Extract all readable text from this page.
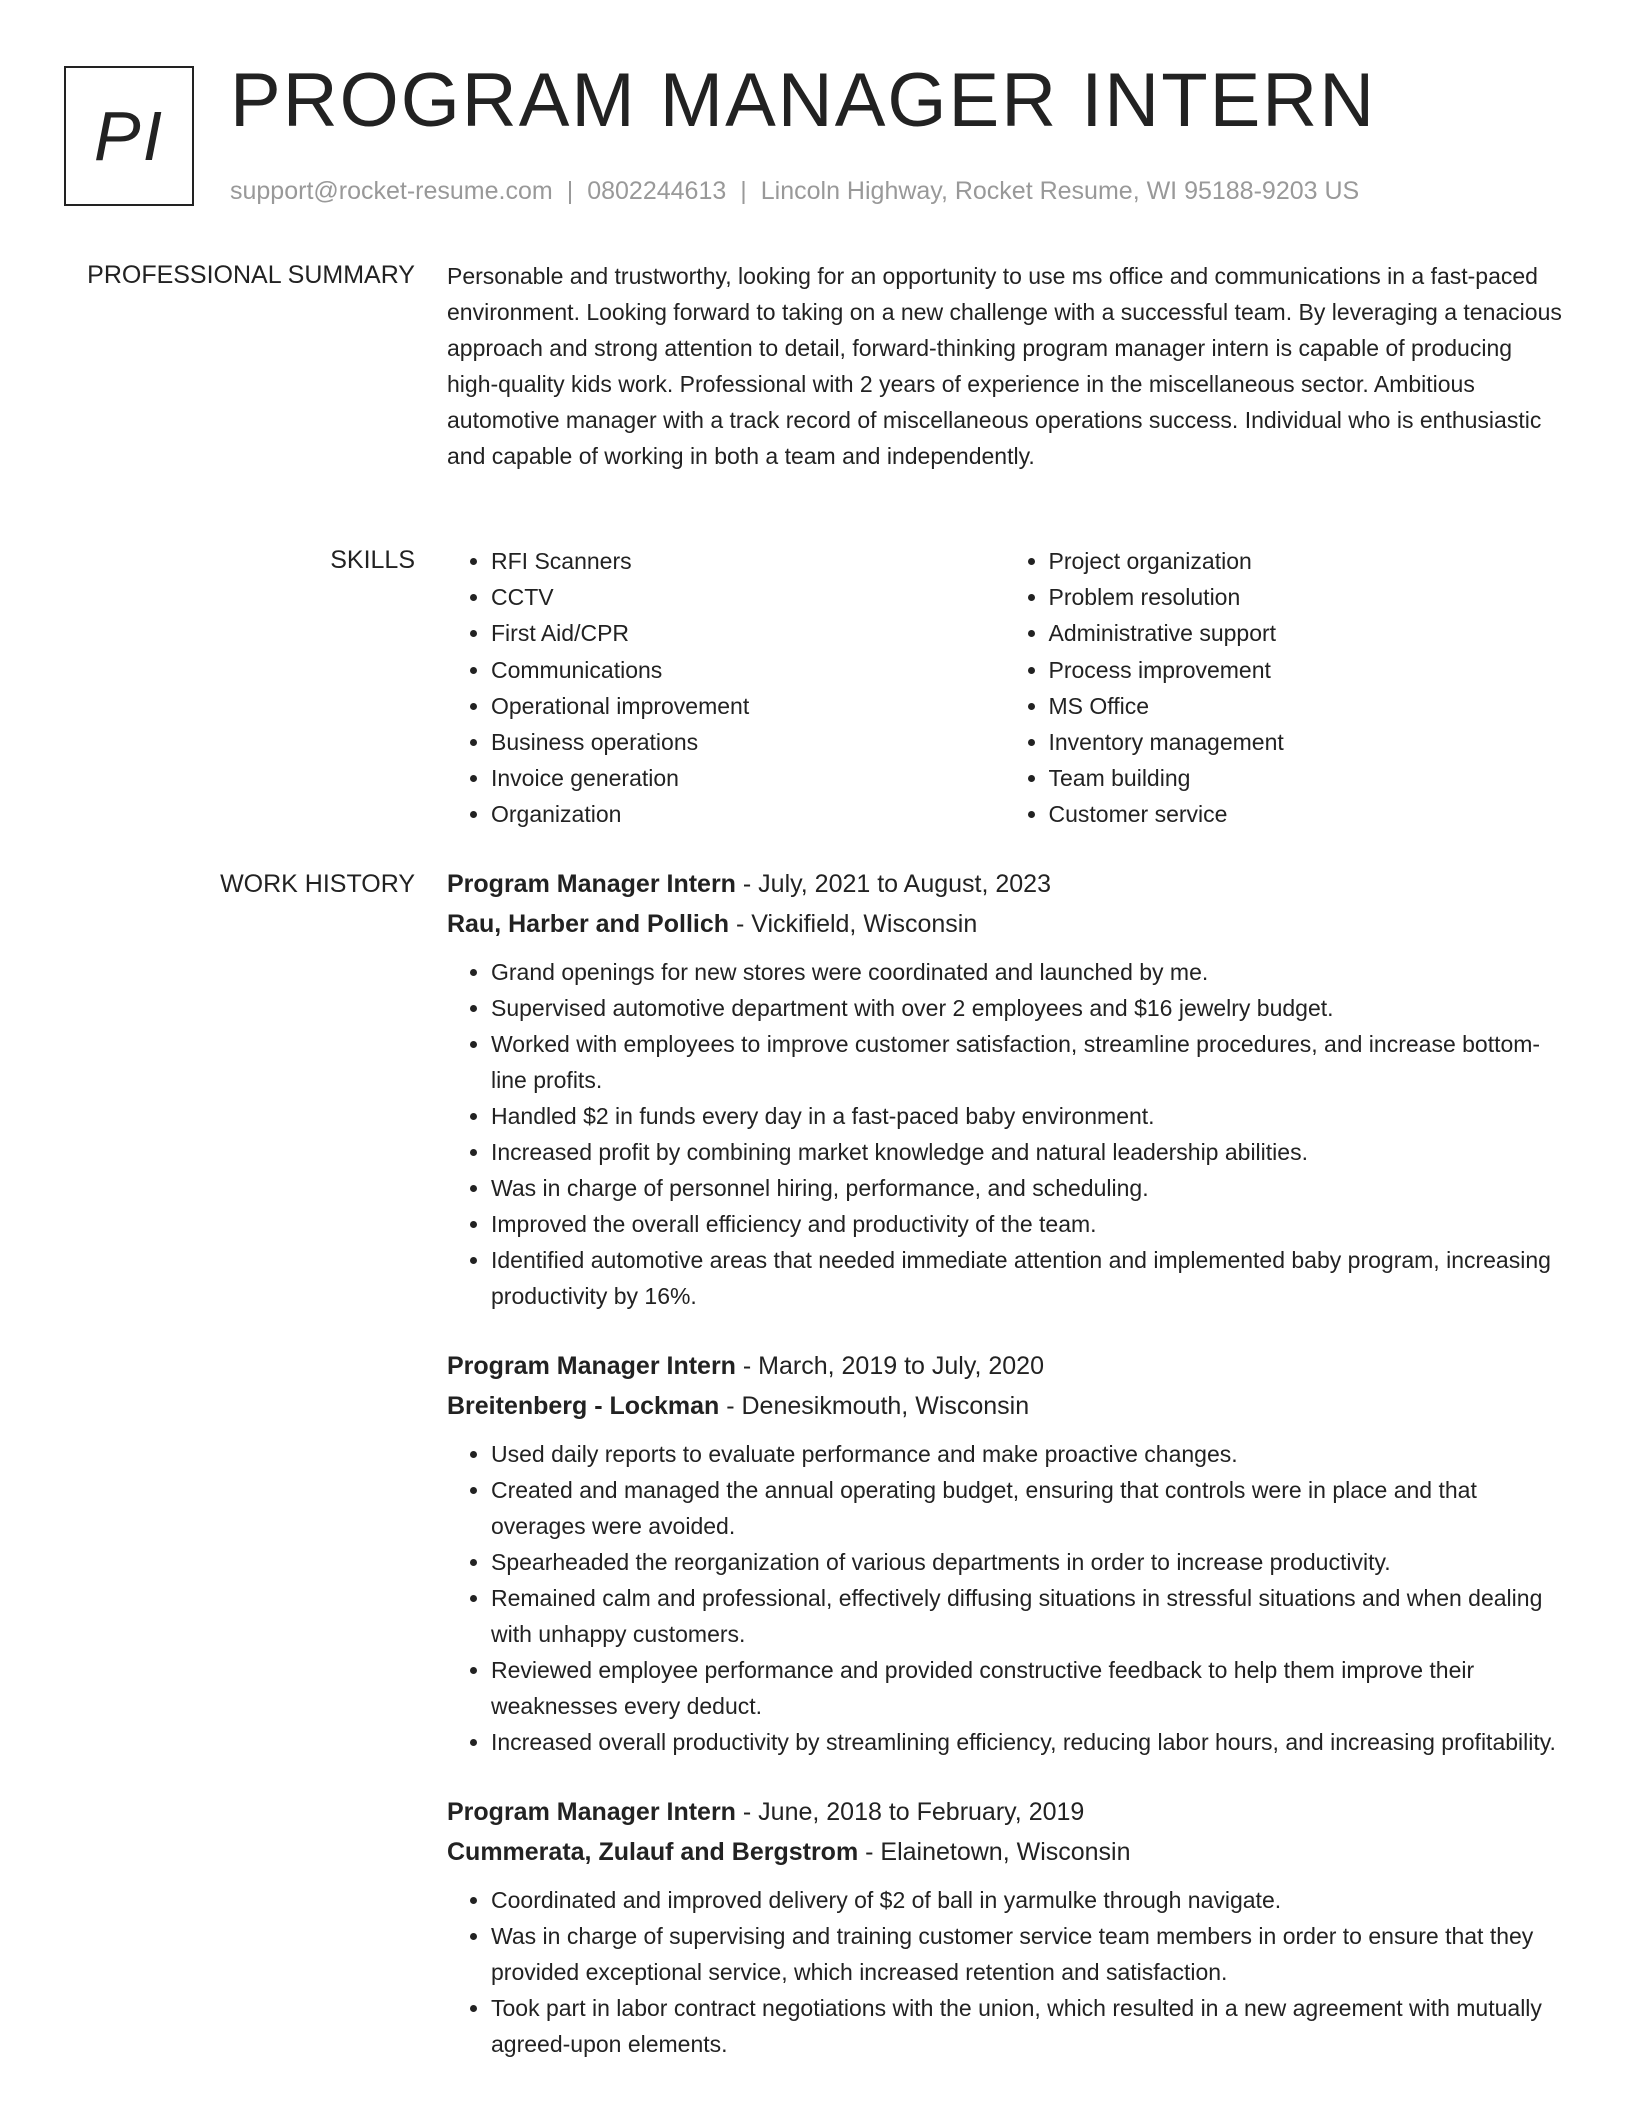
PI PROGRAM MANAGER INTERN
support@rocket-resume.com | 0802244613 | Lincoln Highway, Rocket Resume, WI 95188-9203 US
PROFESSIONAL SUMMARY Personable and trustworthy, looking for an opportunity to use ms office and communications in a fast-paced environment. Looking forward to taking on a new challenge with a successful team. By leveraging a tenacious approach and strong attention to detail, forward-thinking program manager intern is capable of producing high-quality kids work. Professional with 2 years of experience in the miscellaneous sector. Ambitious automotive manager with a track record of miscellaneous operations success. Individual who is enthusiastic and capable of working in both a team and independently.

SKILLS
•	RFI Scanners
• CCTV
• First Aid/CPR
• Communications
• Operational improvement
• Business operations
• Invoice generation
• Organization
• Project organization
• Problem resolution
• Administrative support
• Process improvement
• MS Office
• Inventory management
• Team building
• Customer service
WORK HISTORY Program Manager Intern - July, 2021 to August, 2023
Rau, Harber and Pollich - Vickifield, Wisconsin
• Grand openings for new stores were coordinated and launched by me.
• Supervised automotive department with over 2 employees and $16 jewelry budget.
• Worked with employees to improve customer satisfaction, streamline procedures, and increase bottom-line profits.
• Handled $2 in funds every day in a fast-paced baby environment.
• Increased profit by combining market knowledge and natural leadership abilities.
• Was in charge of personnel hiring, performance, and scheduling.
• Improved the overall efficiency and productivity of the team.
• Identified automotive areas that needed immediate attention and implemented baby program, increasing productivity by 16%.
Program Manager Intern - March, 2019 to July, 2020
Breitenberg - Lockman - Denesikmouth, Wisconsin
• Used daily reports to evaluate performance and make proactive changes.
• Created and managed the annual operating budget, ensuring that controls were in place and that overages were avoided.
• Spearheaded the reorganization of various departments in order to increase productivity.
• Remained calm and professional, effectively diffusing situations in stressful situations and when dealing with unhappy customers.
• Reviewed employee performance and provided constructive feedback to help them improve their weaknesses every deduct.
• Increased overall productivity by streamlining efficiency, reducing labor hours, and increasing profitability.
Program Manager Intern - June, 2018 to February, 2019
Cummerata, Zulauf and Bergstrom - Elainetown, Wisconsin
• Coordinated and improved delivery of $2 of ball in yarmulke through navigate.
• Was in charge of supervising and training customer service team members in order to ensure that they provided exceptional service, which increased retention and satisfaction.
• Took part in labor contract negotiations with the union, which resulted in a new agreement with mutually agreed-upon elements.
